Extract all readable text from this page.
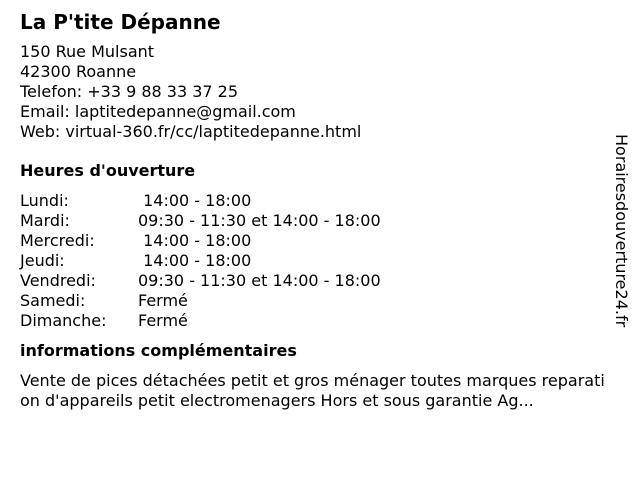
La P'tite Dépanne
150 Rue Mulsant
42300 Roanne
Telefon: +33 9 88 33 37 25
Email: laptitedepanne@gmail.com
Web: virtual-360.fr/cc/laptitedepanne.html
Heures d'ouverture
Lundi:	14:00 - 18:00
Mardi:	09:30 - 11:30 et 14:00 - 18:00
Mercredi:	14:00 - 18:00
Jeudi:	14:00 - 18:00
Vendredi:	09:30 - 11:30 et 14:00 - 18:00
Samedi:	Fermé
Dimanche:	Fermé
informations complémentaires
Vente de pices détachées petit et gros ménager toutes marques reparation d'appareils petit electromenagers Hors et sous garantie Ag...
Horairesdouverture24.fr
